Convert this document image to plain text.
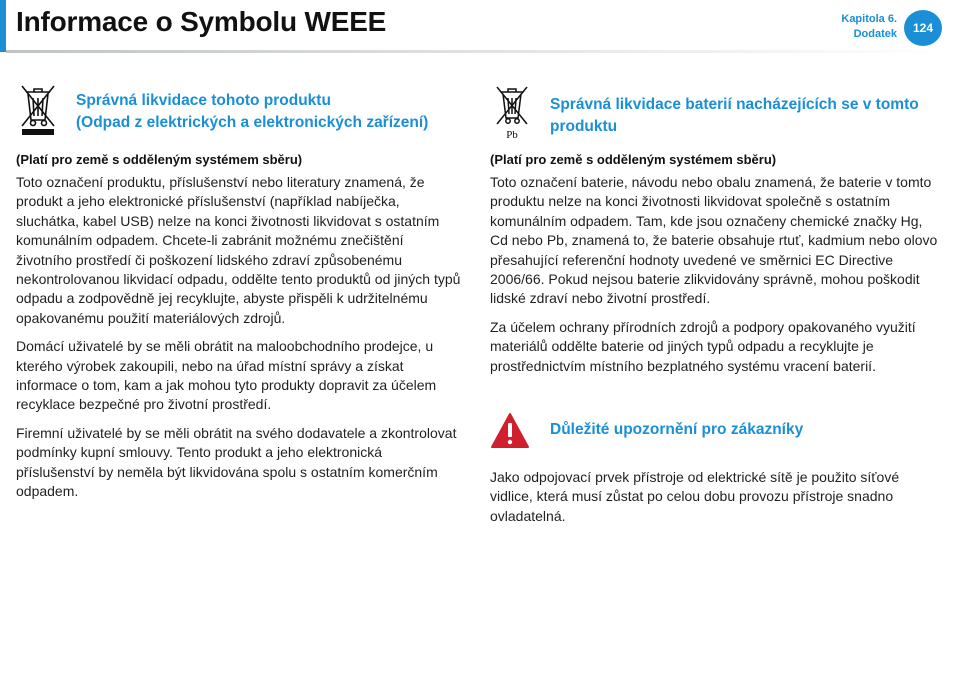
Informace o Symbolu WEEE	Kapitola 6.
Dodatek	124
Správná likvidace tohoto produktu
(Odpad z elektrických a elektronických zařízení)

(Platí pro země s odděleným systémem sběru)

Toto označení produktu, příslušenství nebo literatury znamená, že produkt a jeho elektronické příslušenství (například nabíječka, sluchátka, kabel USB) nelze na konci životnosti likvidovat s ostatním komunálním odpadem. Chcete-li zabránit možnému znečištění životního prostředí či poškození lidského zdraví způsobenému nekontrolovanou likvidací odpadu, oddělte tento produktů od jiných typů odpadu a zodpovědně jej recyklujte, abyste přispěli k udržitelnému opakovanému použití materiálových zdrojů.

Domácí uživatelé by se měli obrátit na maloobchodního prodejce, u kterého výrobek zakoupili, nebo na úřad místní správy a získat informace o tom, kam a jak mohou tyto produkty dopravit za účelem recyklace bezpečné pro životní prostředí.

Firemní uživatelé by se měli obrátit na svého dodavatele a zkontrolovat podmínky kupní smlouvy. Tento produkt a jeho elektronická příslušenství by neměla být likvidována spolu s ostatním komerčním odpadem.

Pb
Správná likvidace baterií nacházejících se v tomto produktu

(Platí pro země s odděleným systémem sběru)

Toto označení baterie, návodu nebo obalu znamená, že baterie v tomto produktu nelze na konci životnosti likvidovat společně s ostatním komunálním odpadem. Tam, kde jsou označeny chemické značky Hg, Cd nebo Pb, znamená to, že baterie obsahuje rtuť, kadmium nebo olovo přesahující referenční hodnoty uvedené ve směrnici EC Directive 2006/66. Pokud nejsou baterie zlikvidovány správně, mohou poškodit lidské zdraví nebo životní prostředí.

Za účelem ochrany přírodních zdrojů a podpory opakovaného využití materiálů oddělte baterie od jiných typů odpadu a recyklujte je prostřednictvím místního bezplatného systému vracení baterií.

Důležité upozornění pro zákazníky

Jako odpojovací prvek přístroje od elektrické sítě je použito síťové vidlice, která musí zůstat po celou dobu provozu přístroje snadno ovladatelná.
